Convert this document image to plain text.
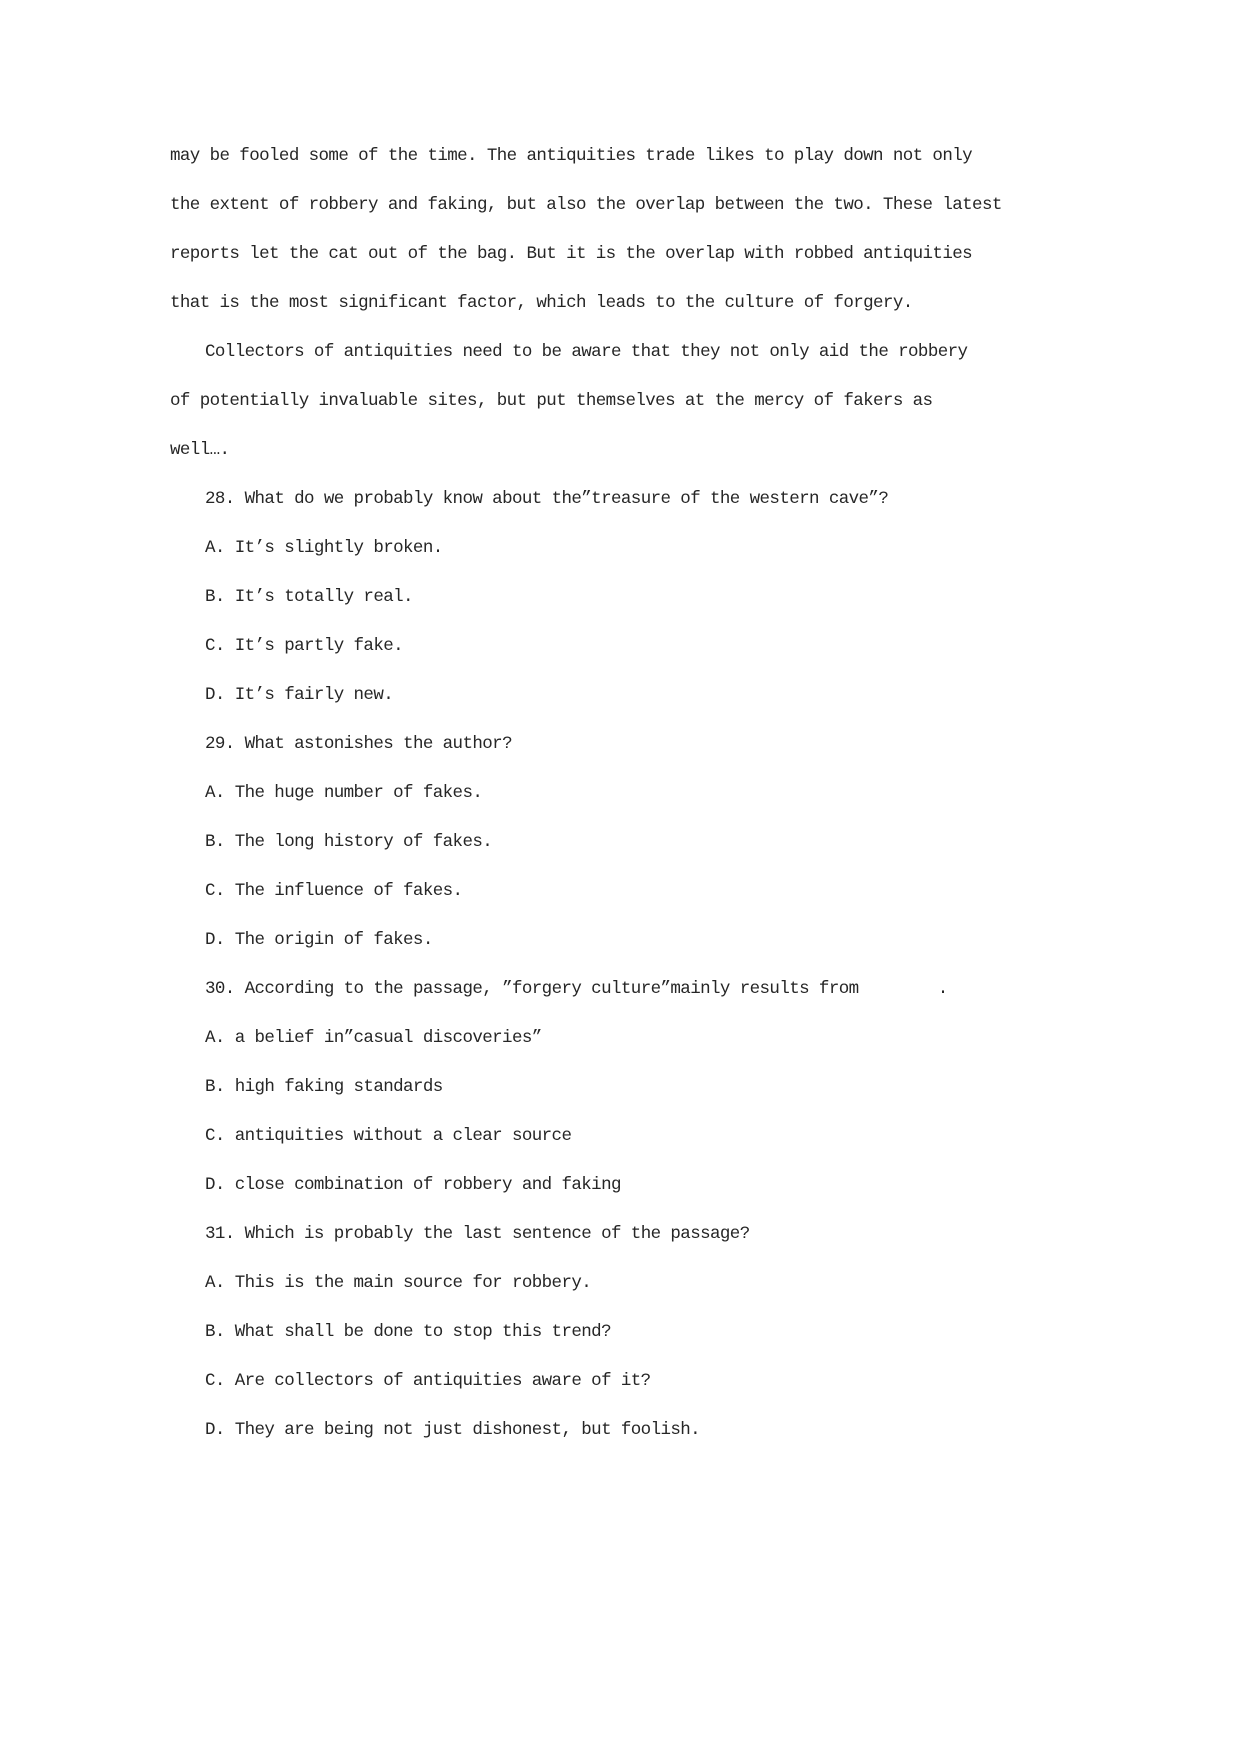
may be fooled some of the time. The antiquities trade likes to play down not only
the extent of robbery and faking, but also the overlap between the two. These latest
reports let the cat out of the bag. But it is the overlap with robbed antiquities
that is the most significant factor, which leads to the culture of forgery.
Collectors of antiquities need to be aware that they not only aid the robbery
of potentially invaluable sites, but put themselves at the mercy of fakers as
well….
28. What do we probably know about the”treasure of the western cave”?
A. It’s slightly broken.
B. It’s totally real.
C. It’s partly fake.
D. It’s fairly new.
29. What astonishes the author?
A. The huge number of fakes.
B. The long history of fakes.
C. The influence of fakes.
D. The origin of fakes.
30. According to the passage, ”forgery culture”mainly results from        .
A. a belief in”casual discoveries”
B. high faking standards
C. antiquities without a clear source
D. close combination of robbery and faking
31. Which is probably the last sentence of the passage?
A. This is the main source for robbery.
B. What shall be done to stop this trend?
C. Are collectors of antiquities aware of it?
D. They are being not just dishonest, but foolish.
